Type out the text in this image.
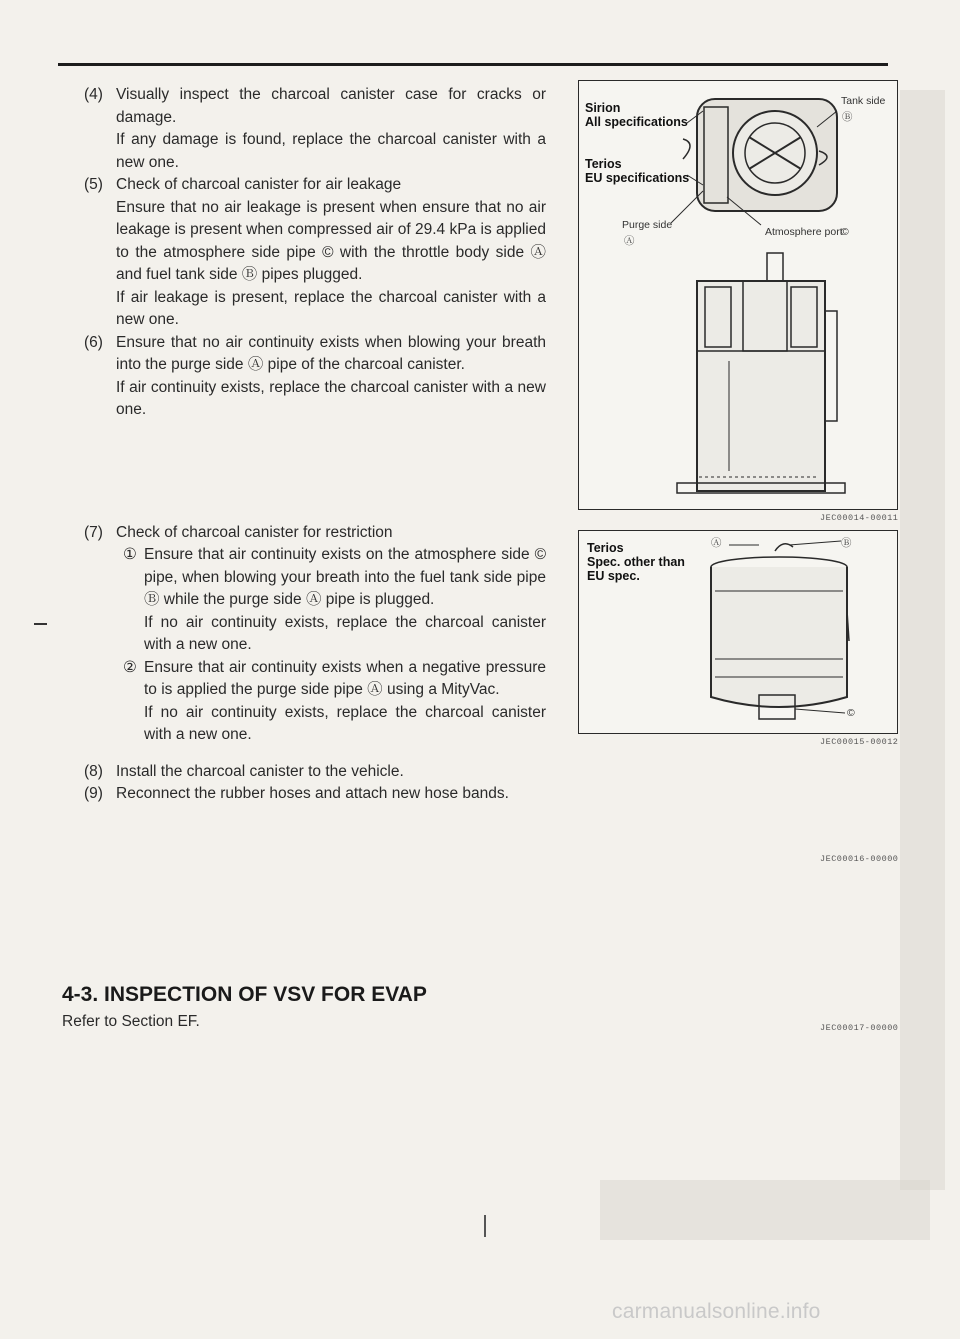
(4) Visually inspect the charcoal canister case for cracks or damage.

If any damage is found, replace the charcoal canister with a new one.

(5) Check of charcoal canister for air leakage

Ensure that no air leakage is present when ensure that no air leakage is present when compressed air of 29.4 kPa is applied to the atmosphere side pipe © with the throttle body side Ⓐ and fuel tank side Ⓑ pipes plugged.

If air leakage is present, replace the charcoal canister with a new one.

(6) Ensure that no air continuity exists when blowing your breath into the purge side Ⓐ pipe of the charcoal canister.

If air continuity exists, replace the charcoal canister with a new one.

(7) Check of charcoal canister for restriction

① Ensure that air continuity exists on the atmosphere side © pipe, when blowing your breath into the fuel tank side pipe Ⓑ while the purge side Ⓐ pipe is plugged.

If no air continuity exists, replace the charcoal canister with a new one.

② Ensure that air continuity exists when a negative pressure to is applied the purge side pipe Ⓐ using a MityVac.

If no air continuity exists, replace the charcoal canister with a new one.

(8) Install the charcoal canister to the vehicle.

(9) Reconnect the rubber hoses and attach new hose bands.

Sirion
All specifications
Terios
EU specifications
Tank side
Ⓑ
Purge side
Ⓐ
Atmosphere port
©
JEC00014-00011
Terios
Spec. other than
EU spec.
Ⓐ	Ⓑ
©
JEC00015-00012
JEC00016-00000
4-3. INSPECTION OF VSV FOR EVAP
Refer to Section EF.	JEC00017-00000
carmanualsonline.info
